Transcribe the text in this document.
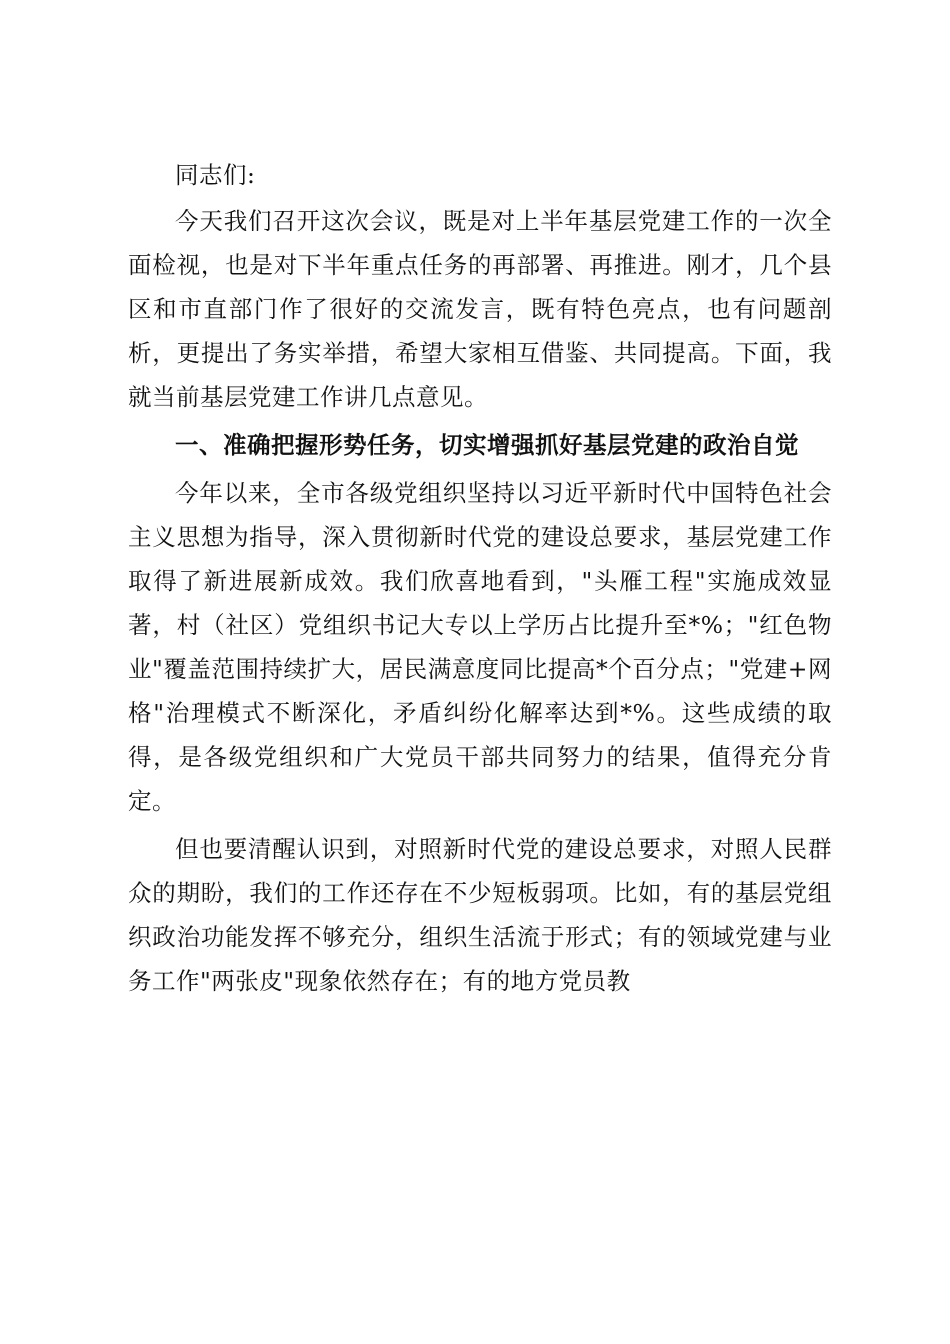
同志们:

今天我们召开这次会议，既是对上半年基层党建工作的一次全面检视，也是对下半年重点任务的再部署、再推进。刚才，几个县区和市直部门作了很好的交流发言，既有特色亮点，也有问题剖析，更提出了务实举措，希望大家相互借鉴、共同提高。下面，我就当前基层党建工作讲几点意见。

一、准确把握形势任务，切实增强抓好基层党建的政治自觉

今年以来，全市各级党组织坚持以习近平新时代中国特色社会主义思想为指导，深入贯彻新时代党的建设总要求，基层党建工作取得了新进展新成效。我们欣喜地看到，"头雁工程"实施成效显著，村（社区）党组织书记大专以上学历占比提升至*%；"红色物业"覆盖范围持续扩大，居民满意度同比提高*个百分点；"党建+网格"治理模式不断深化，矛盾纠纷化解率达到*%。这些成绩的取得，是各级党组织和广大党员干部共同努力的结果，值得充分肯定。

但也要清醒认识到，对照新时代党的建设总要求，对照人民群众的期盼，我们的工作还存在不少短板弱项。比如，有的基层党组织政治功能发挥不够充分，组织生活流于形式；有的领域党建与业务工作"两张皮"现象依然存在；有的地方党员教
